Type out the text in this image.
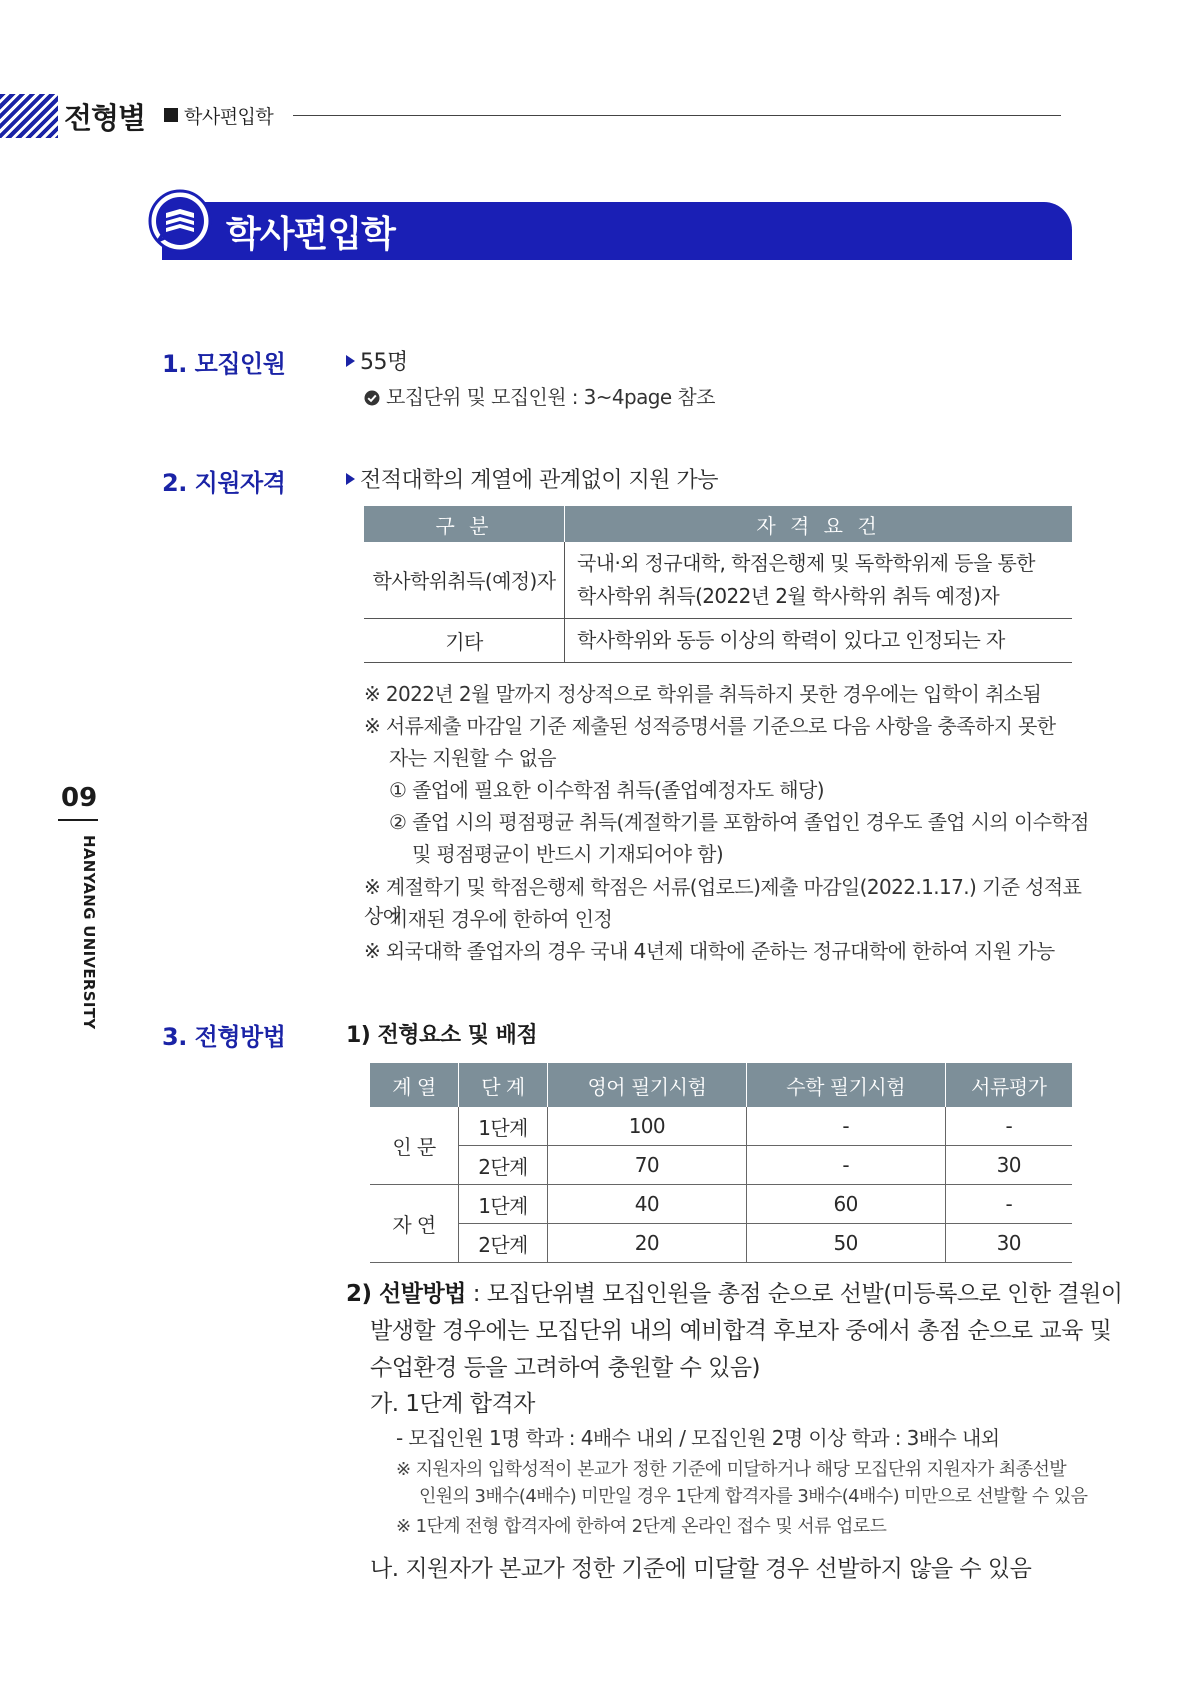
전형별 학사편입학
학사편입학
09
HANYANG UNIVERSITY
1. 모집인원	55명
모집단위 및 모집인원 : 3~4page 참조
2. 지원자격	전적대학의 계열에 관계없이 지원 가능
구 분	자 격 요 건
학사학위취득(예정)자	국내·외 정규대학, 학점은행제 및 독학학위제 등을 통한
학사학위 취득(2022년 2월 학사학위 취득 예정)자

기타	학사학위와 동등 이상의 학력이 있다고 인정되는 자
※ 2022년 2월 말까지 정상적으로 학위를 취득하지 못한 경우에는 입학이 취소됨
※ 서류제출 마감일 기준 제출된 성적증명서를 기준으로 다음 사항을 충족하지 못한
자는 지원할 수 없음
① 졸업에 필요한 이수학점 취득(졸업예정자도 해당)
② 졸업 시의 평점평균 취득(계절학기를 포함하여 졸업인 경우도 졸업 시의 이수학점
및 평점평균이 반드시 기재되어야 함)
※ 계절학기 및 학점은행제 학점은 서류(업로드)제출 마감일(2022.1.17.) 기준 성적표상에
기재된 경우에 한하여 인정
※ 외국대학 졸업자의 경우 국내 4년제 대학에 준하는 정규대학에 한하여 지원 가능
3. 전형방법	1) 전형요소 및 배점
계 열	단 계	영어 필기시험	수학 필기시험	서류평가
인 문	1단계	100	-	-
	2단계	70	-	30
자 연	1단계	40	60	-
	2단계	20	50	30
2) 선발방법 : 모집단위별 모집인원을 총점 순으로 선발(미등록으로 인한 결원이
발생할 경우에는 모집단위 내의 예비합격 후보자 중에서 총점 순으로 교육 및
수업환경 등을 고려하여 충원할 수 있음)
가. 1단계 합격자
- 모집인원 1명 학과 : 4배수 내외 / 모집인원 2명 이상 학과 : 3배수 내외
※ 지원자의 입학성적이 본교가 정한 기준에 미달하거나 해당 모집단위 지원자가 최종선발
인원의 3배수(4배수) 미만일 경우 1단계 합격자를 3배수(4배수) 미만으로 선발할 수 있음
※ 1단계 전형 합격자에 한하여 2단계 온라인 접수 및 서류 업로드
나. 지원자가 본교가 정한 기준에 미달할 경우 선발하지 않을 수 있음
